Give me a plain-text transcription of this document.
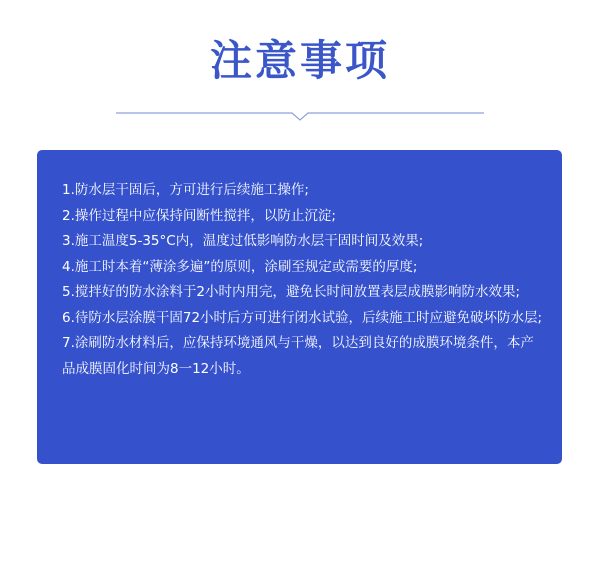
注意事项
1.防水层干固后，方可进行后续施工操作;
2.操作过程中应保持间断性搅拌，以防止沉淀;
3.施工温度5-35°C内，温度过低影响防水层干固时间及效果;
4.施工时本着“薄涂多遍”的原则，涂刷至规定或需要的厚度;
5.搅拌好的防水涂料于2小时内用完，避免长时间放置表层成膜影响防水效果;
6.待防水层涂膜干固72小时后方可进行闭水试验，后续施工时应避免破坏防水层;
7.涂刷防水材料后，应保持环境通风与干燥，以达到良好的成膜环境条件，本产品成膜固化时间为8一12小时。
